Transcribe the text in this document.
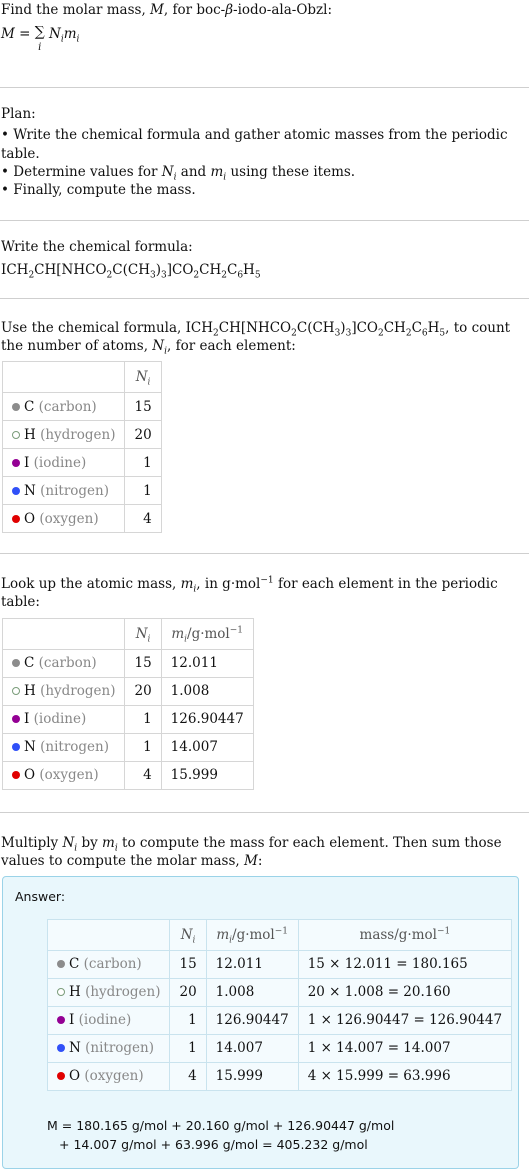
Find the molar mass, M, for boc-β-iodo-ala-Obzl:

M = ∑
i $N_im_i$

Plan:

• Write the chemical formula and gather atomic masses from the periodic table.

• Determine values for $N_i$ and $m_i$ using these items.

• Finally, compute the mass.

Write the chemical formula:

$ICH_2CH[NHCO_2C(CH_3)_3]CO_2CH_2C_6H_5$

Use the chemical formula, $ICH_2CH[NHCO_2C(CH_3)_3]CO_2CH_2C_6H_5$, to count the number of atoms, $N_i$, for each element:

	$N_i$
C (carbon)	15
H (hydrogen)	20
I (iodine)	1
N (nitrogen)	1
O (oxygen)	4

Look up the atomic mass, $m_i$, in g·mol$^{-1}$ for each element in the periodic table:

	$N_i$	$m_i/g\cdot mol^{-1}$
C (carbon)	15	12.011
H (hydrogen)	20	1.008
I (iodine)	1	126.90447
N (nitrogen)	1	14.007
O (oxygen)	4	15.999

Multiply $N_i$ by $m_i$ to compute the mass for each element. Then sum those values to compute the molar mass, M:

Answer:
	$N_i$	$m_i/g\cdot mol^{-1}$	mass/g·mol$^{-1}$
C (carbon)	15	12.011	15 × 12.011 = 180.165
H (hydrogen)	20	1.008	20 × 1.008 = 20.160
I (iodine)	1	126.90447	1 × 126.90447 = 126.90447
N (nitrogen)	1	14.007	1 × 14.007 = 14.007
O (oxygen)	4	15.999	4 × 15.999 = 63.996
M = 180.165 g/mol + 20.160 g/mol + 126.90447 g/mol
+ 14.007 g/mol + 63.996 g/mol = 405.232 g/mol
